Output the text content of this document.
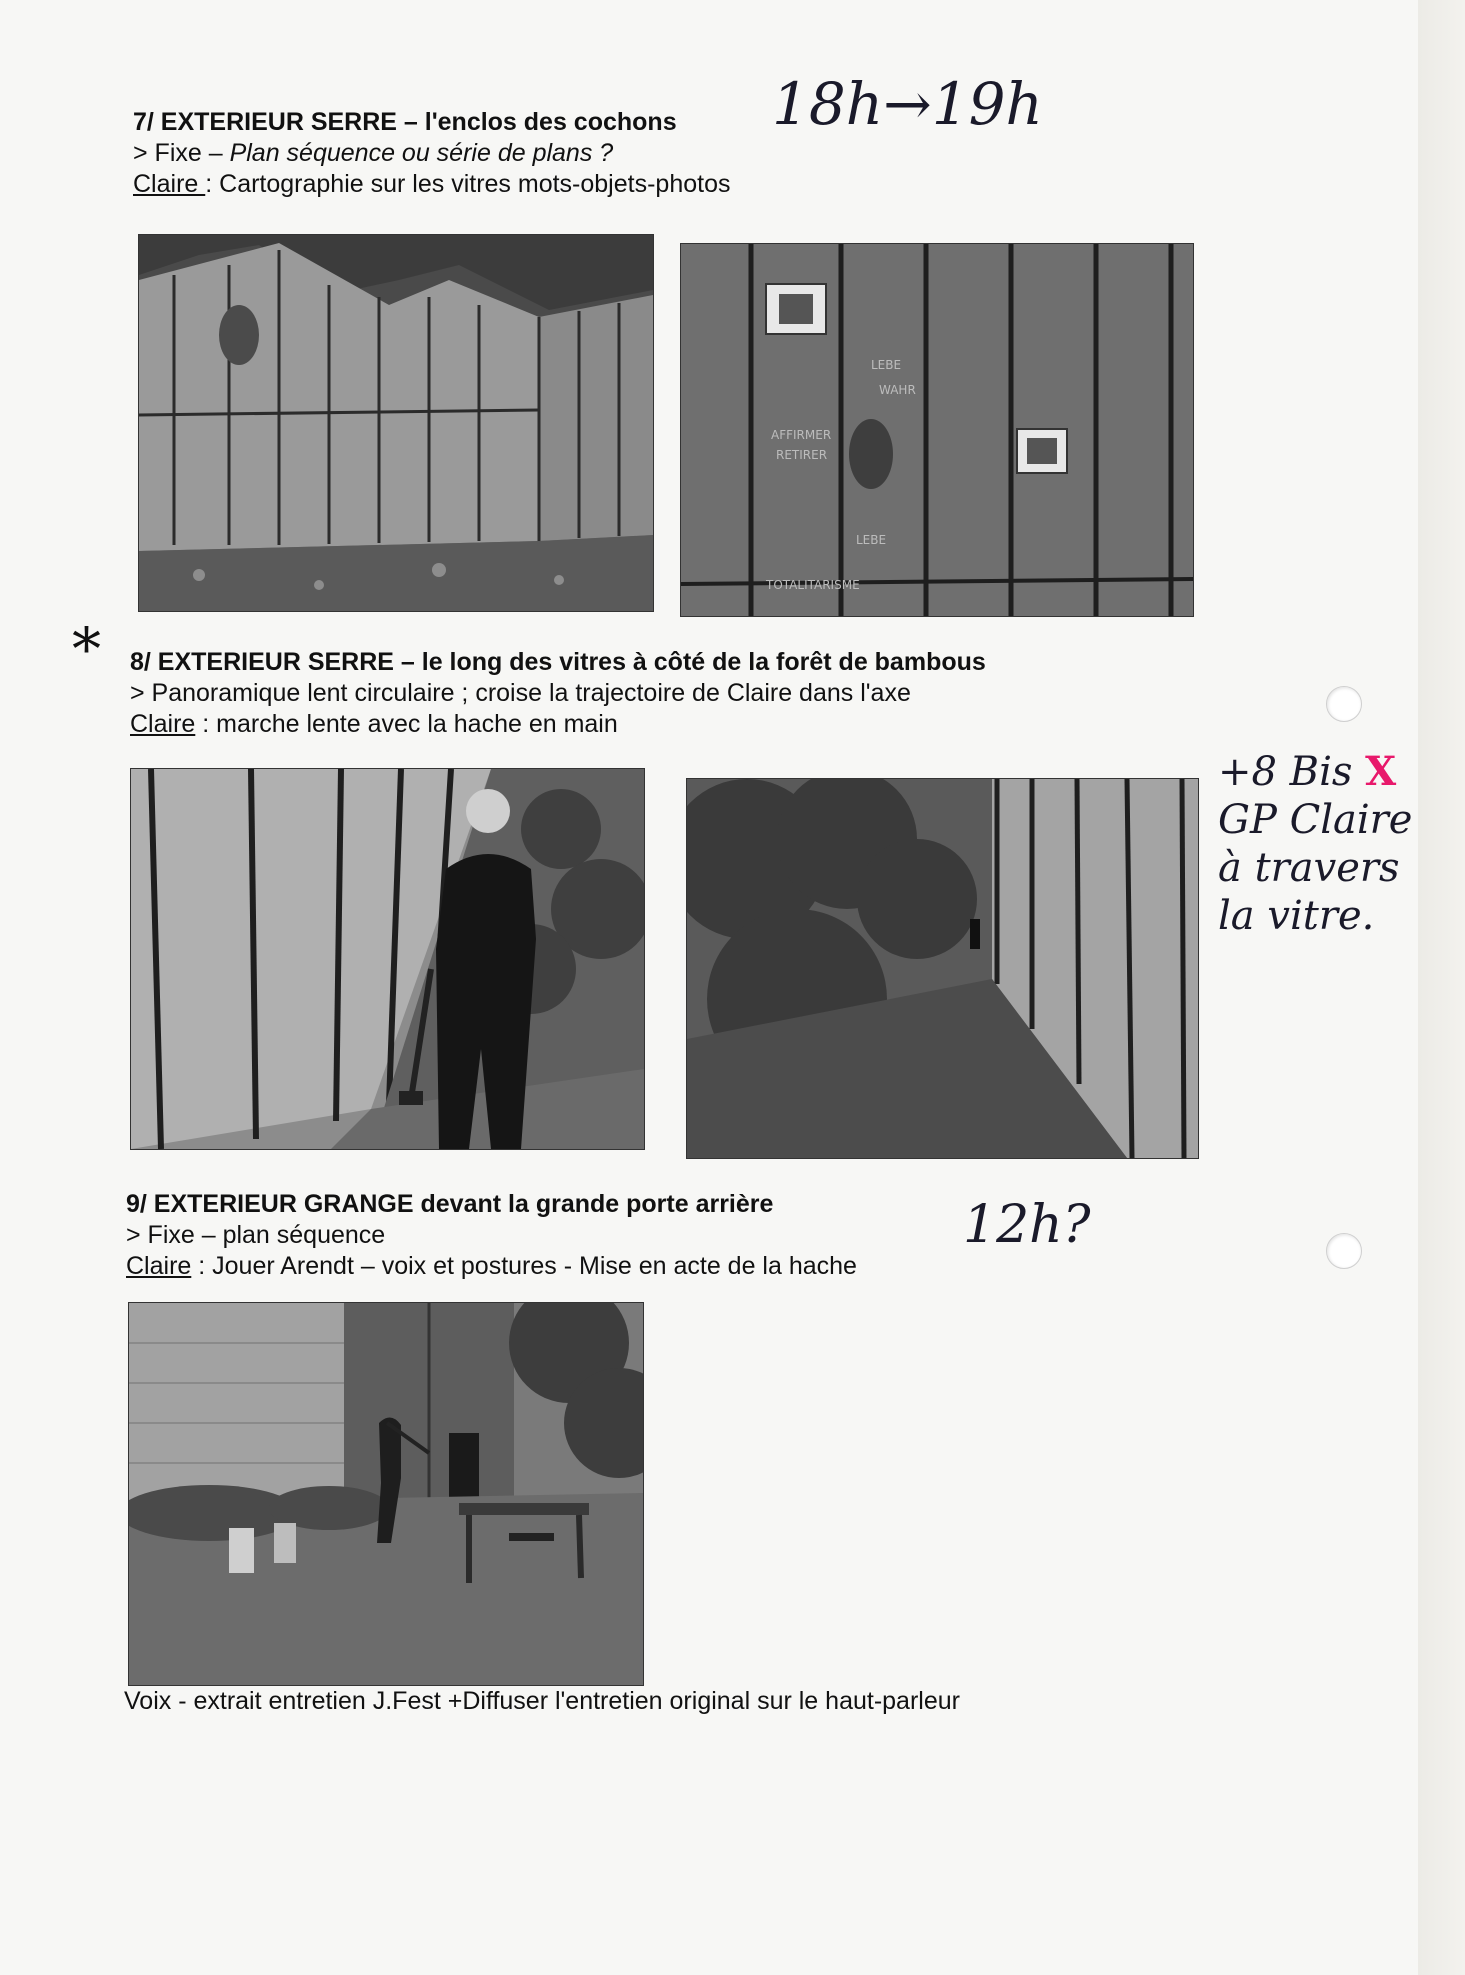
7/ EXTERIEUR SERRE – l'enclos des cochons
> Fixe – Plan séquence ou série de plans ?
Claire : Cartographie sur les vitres mots-objets-photos
18h→19h
LEBE
WAHR
AFFIRMER
RETIRER
LEBE
TOTALITARISME
* 8/ EXTERIEUR SERRE – le long des vitres à côté de la forêt de bambous
> Panoramique lent circulaire ; croise la trajectoire de Claire dans l'axe
Claire : marche lente avec la hache en main
+8 Bis X
GP Claire
à travers
la vitre.
9/ EXTERIEUR GRANGE devant la grande porte arrière
> Fixe – plan séquence
Claire : Jouer Arendt – voix et postures - Mise en acte de la hache
12h?
Voix - extrait entretien J.Fest +Diffuser l'entretien original sur le haut-parleur
